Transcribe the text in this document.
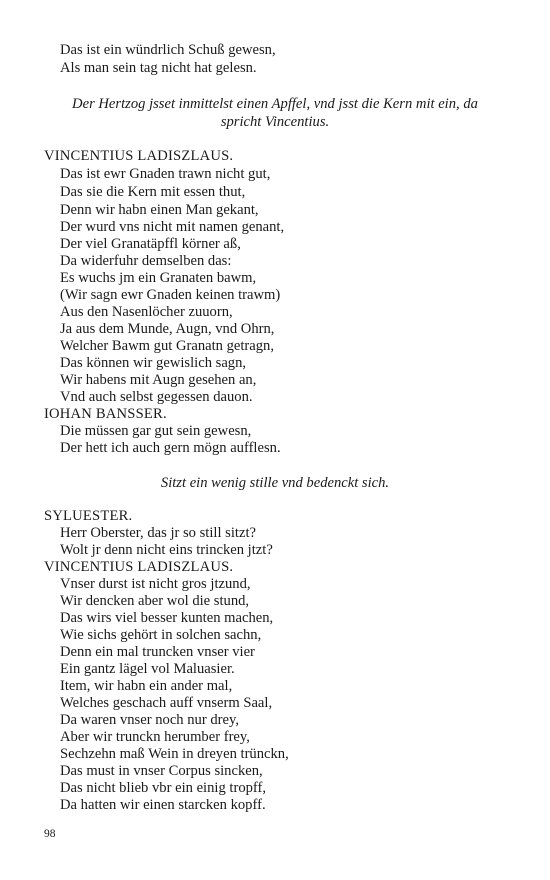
Das ist ein wündrlich Schuß gewesn,
Als man sein tag nicht hat gelesn.
Der Hertzog jsset inmittelst einen Apffel, vnd jsst die Kern mit ein, da
spricht Vincentius.
VINCENTIUS LADISZLAUS.
Das ist ewr Gnaden trawn nicht gut,
Das sie die Kern mit essen thut,
Denn wir habn einen Man gekant,
Der wurd vns nicht mit namen genant,
Der viel Granatäpffl körner aß,
Da widerfuhr demselben das:
Es wuchs jm ein Granaten bawm,
(Wir sagn ewr Gnaden keinen trawm)
Aus den Nasenlöcher zuuorn,
Ja aus dem Munde, Augn, vnd Ohrn,
Welcher Bawm gut Granatn getragn,
Das können wir gewislich sagn,
Wir habens mit Augn gesehen an,
Vnd auch selbst gegessen dauon.
IOHAN BANSSER.
Die müssen gar gut sein gewesn,
Der hett ich auch gern mögn aufflesn.
Sitzt ein wenig stille vnd bedenckt sich.
SYLUESTER.
Herr Oberster, das jr so still sitzt?
Wolt jr denn nicht eins trincken jtzt?
VINCENTIUS LADISZLAUS.
Vnser durst ist nicht gros jtzund,
Wir dencken aber wol die stund,
Das wirs viel besser kunten machen,
Wie sichs gehört in solchen sachn,
Denn ein mal truncken vnser vier
Ein gantz lägel vol Maluasier.
Item, wir habn ein ander mal,
Welches geschach auff vnserm Saal,
Da waren vnser noch nur drey,
Aber wir trunckn herumber frey,
Sechzehn maß Wein in dreyen trünckn,
Das must in vnser Corpus sincken,
Das nicht blieb vbr ein einig tropff,
Da hatten wir einen starcken kopff.
98
